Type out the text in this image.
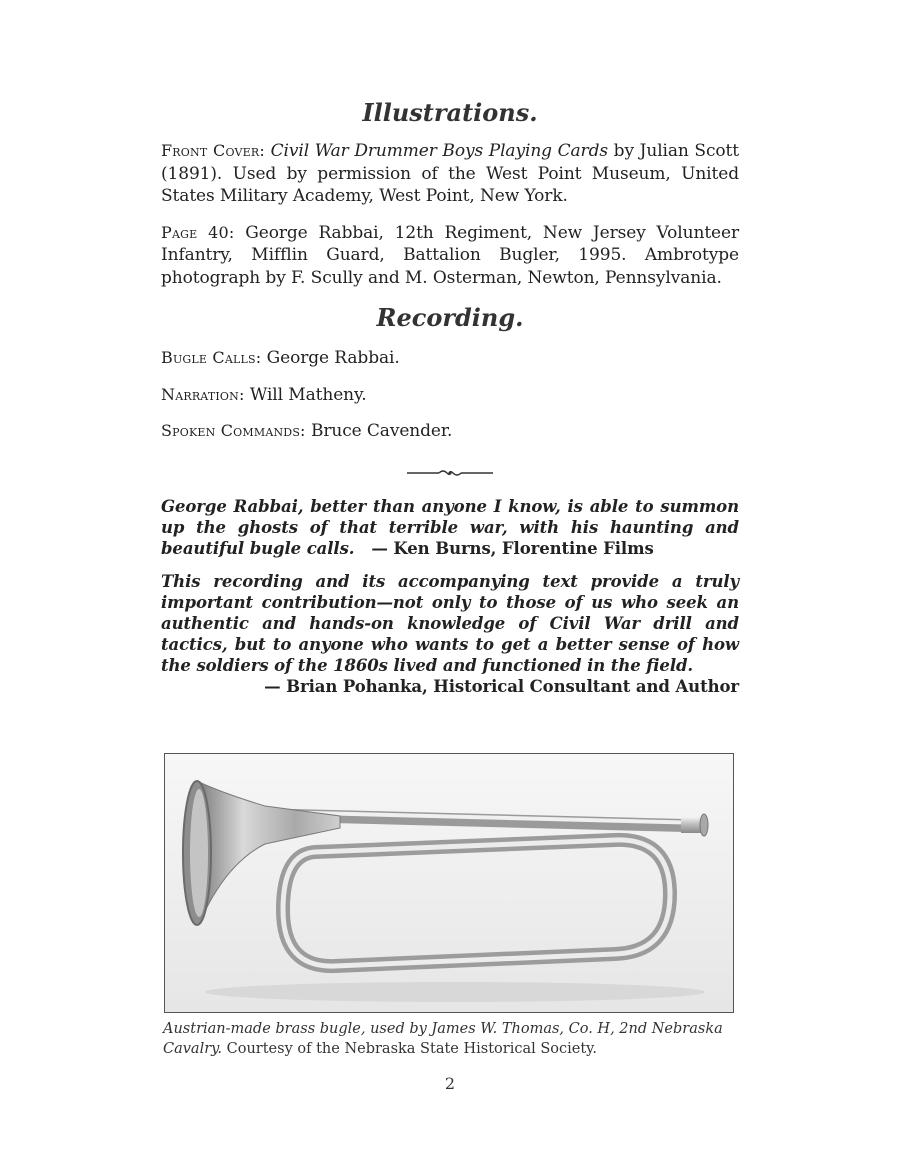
Illustrations.

Front Cover: Civil War Drummer Boys Playing Cards by Julian Scott (1891). Used by permission of the West Point Museum, United States Military Academy, West Point, New York.

Page 40: George Rabbai, 12th Regiment, New Jersey Volunteer Infantry, Mifflin Guard, Battalion Bugler, 1995. Ambrotype photograph by F. Scully and M. Osterman, Newton, Pennsylvania.

Recording.

Bugle Calls: George Rabbai.

Narration: Will Matheny.

Spoken Commands: Bruce Cavender.

George Rabbai, better than anyone I know, is able to summon up the ghosts of that terrible war, with his haunting and beautiful bugle calls. — Ken Burns, Florentine Films

This recording and its accompanying text provide a truly important contribution—not only to those of us who seek an authentic and hands-on knowledge of Civil War drill and tactics, but to anyone who wants to get a better sense of how the soldiers of the 1860s lived and functioned in the field.

— Brian Pohanka, Historical Consultant and Author

Austrian-made brass bugle, used by James W. Thomas, Co. H, 2nd Nebraska Cavalry. Courtesy of the Nebraska State Historical Society.

2
